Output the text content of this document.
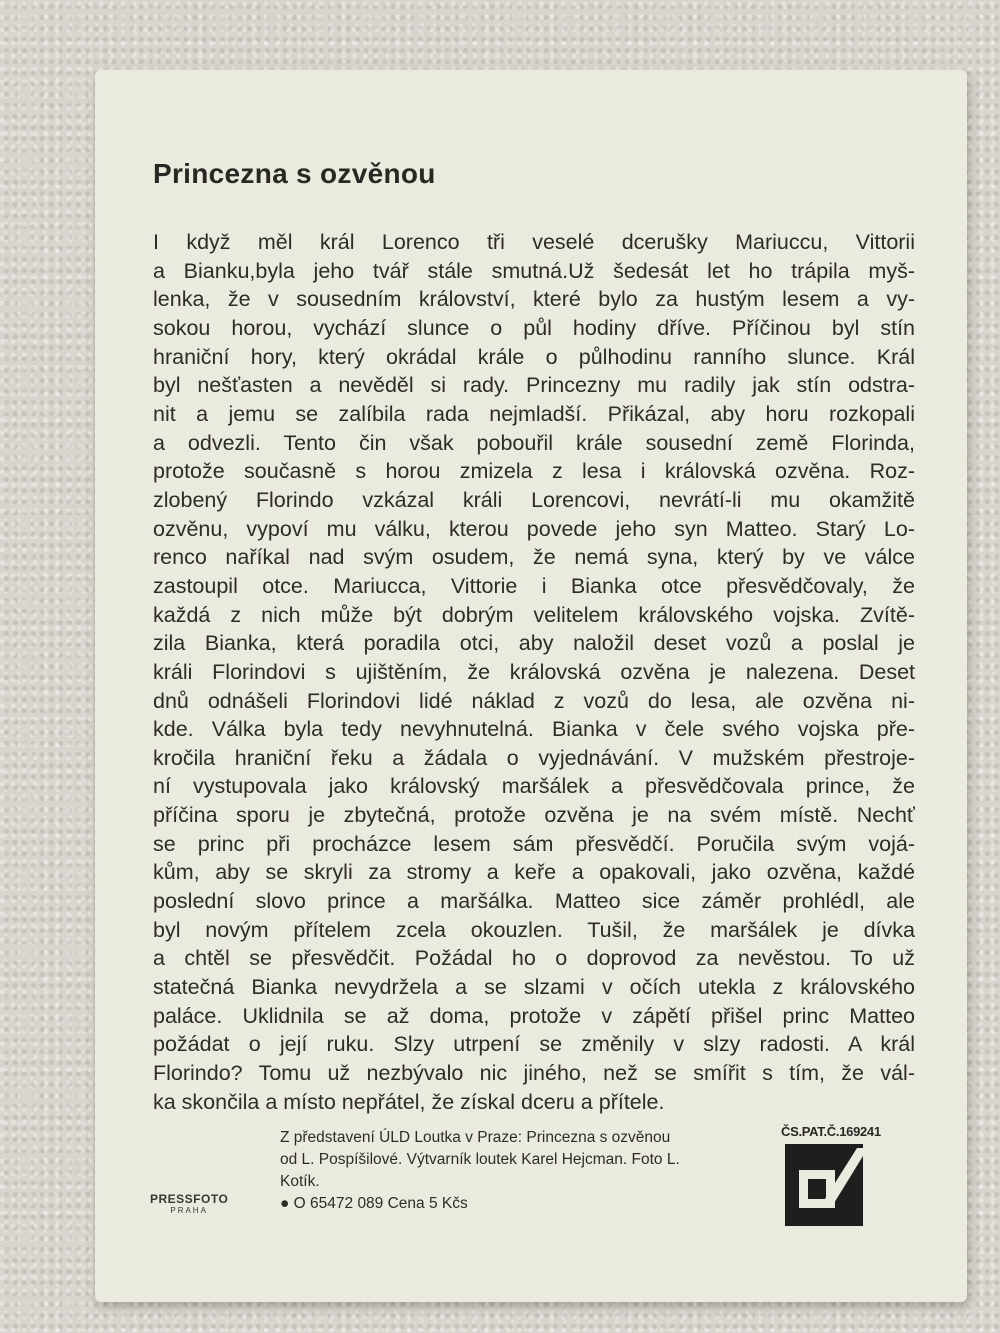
Princezna s ozvěnou
I když měl král Lorenco tři veselé dcerušky Mariuccu, Vittorii
a Bianku,byla jeho tvář stále smutná.Už šedesát let ho trápila myš-
lenka, že v sousedním království, které bylo za hustým lesem a vy-
sokou horou, vychází slunce o půl hodiny dříve. Příčinou byl stín
hraniční hory, který okrádal krále o půlhodinu ranního slunce. Král
byl nešťasten a nevěděl si rady. Princezny mu radily jak stín odstra-
nit a jemu se zalíbila rada nejmladší. Přikázal, aby horu rozkopali
a odvezli. Tento čin však pobouřil krále sousední země Florinda,
protože současně s horou zmizela z lesa i královská ozvěna. Roz-
zlobený Florindo vzkázal králi Lorencovi, nevrátí-li mu okamžitě
ozvěnu, vypoví mu válku, kterou povede jeho syn Matteo. Starý Lo-
renco naříkal nad svým osudem, že nemá syna, který by ve válce
zastoupil otce. Mariucca, Vittorie i Bianka otce přesvědčovaly, že
každá z nich může být dobrým velitelem královského vojska. Zvítě-
zila Bianka, která poradila otci, aby naložil deset vozů a poslal je
králi Florindovi s ujištěním, že královská ozvěna je nalezena. Deset
dnů odnášeli Florindovi lidé náklad z vozů do lesa, ale ozvěna ni-
kde. Válka byla tedy nevyhnutelná. Bianka v čele svého vojska pře-
kročila hraniční řeku a žádala o vyjednávání. V mužském přestroje-
ní vystupovala jako královský maršálek a přesvědčovala prince, že
příčina sporu je zbytečná, protože ozvěna je na svém místě. Nechť
se princ při procházce lesem sám přesvědčí. Poručila svým vojá-
kům, aby se skryli za stromy a keře a opakovali, jako ozvěna, každé
poslední slovo prince a maršálka. Matteo sice záměr prohlédl, ale
byl novým přítelem zcela okouzlen. Tušil, že maršálek je dívka
a chtěl se přesvědčit. Požádal ho o doprovod za nevěstou. To už
statečná Bianka nevydržela a se slzami v očích utekla z královského
paláce. Uklidnila se až doma, protože v zápětí přišel princ Matteo
požádat o její ruku. Slzy utrpení se změnily v slzy radosti. A král
Florindo? Tomu už nezbývalo nic jiného, než se smířit s tím, že vál-
ka skončila a místo nepřátel, že získal dceru a přítele.
PRESSFOTO
PRAHA
Z představení ÚLD Loutka v Praze: Princezna s ozvěnou
od L. Pospíšilové. Výtvarník loutek Karel Hejcman. Foto L.
Kotík.
● O 65472 089 Cena 5 Kčs
ČS.PAT.Č.169241
